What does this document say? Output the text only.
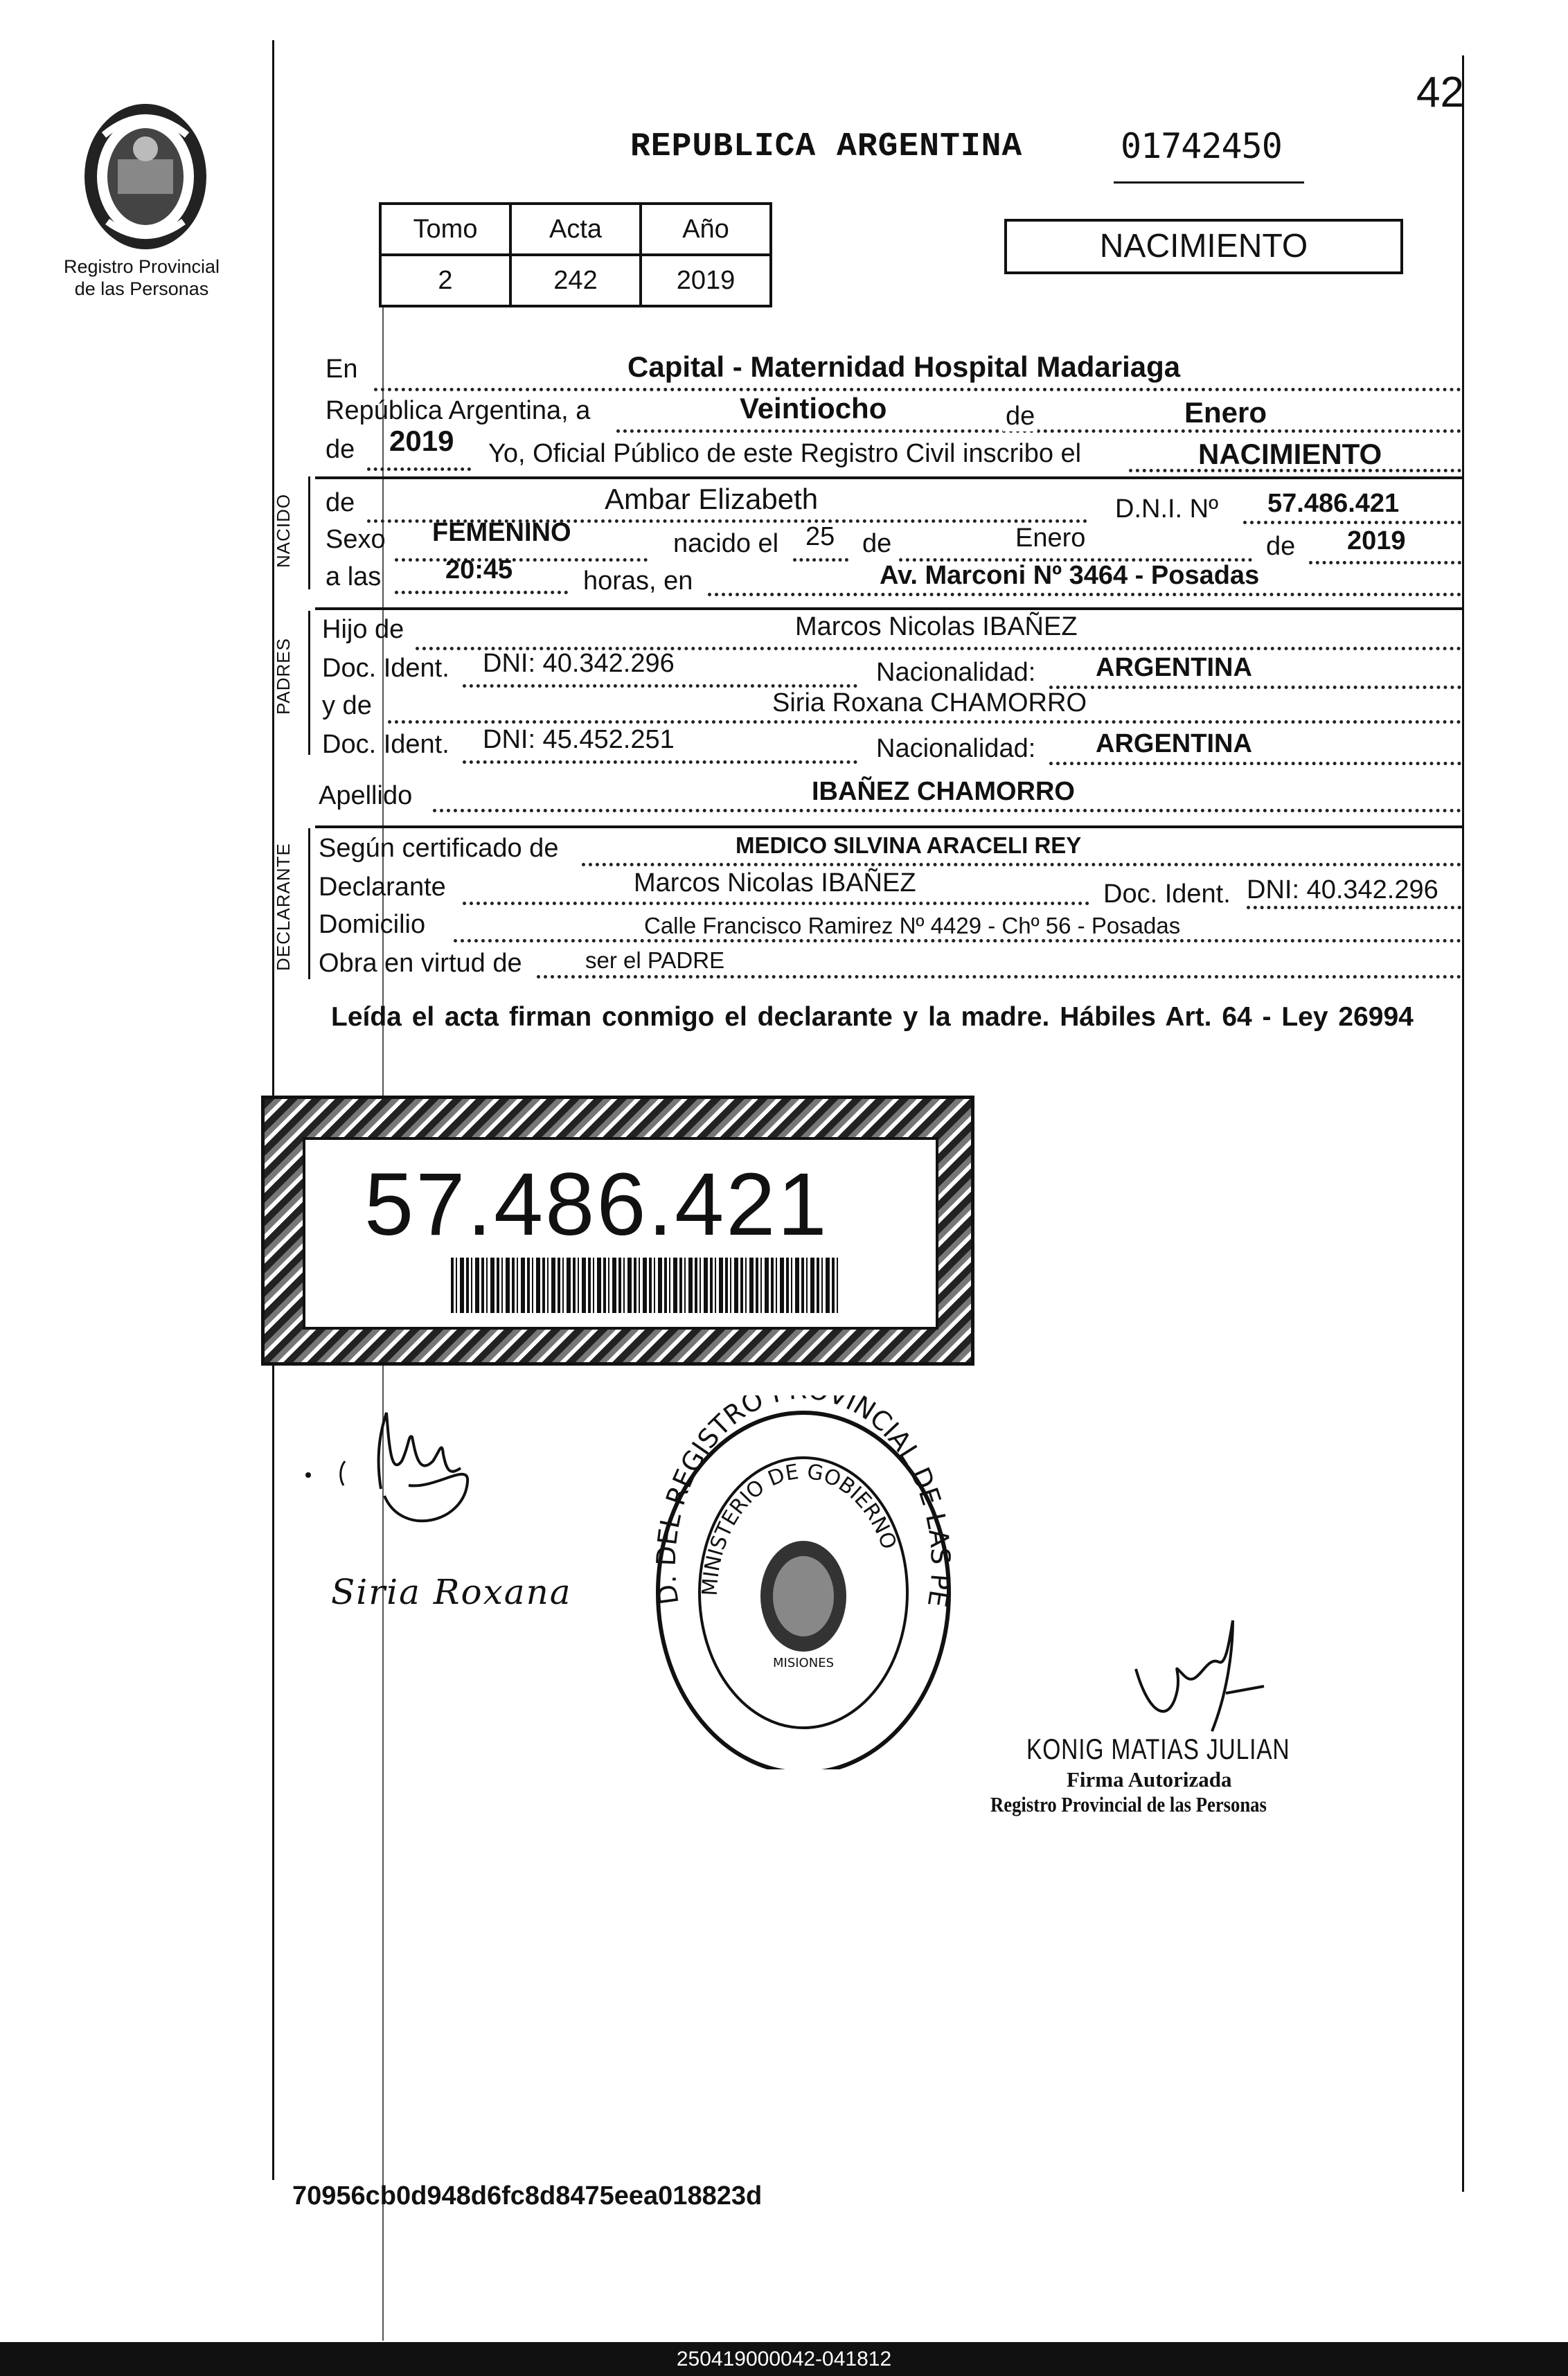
42
Registro Provincial
de las Personas
REPUBLICA ARGENTINA	01742450
Tomo	Acta	Año
2	242	2019
NACIMIENTO
En	Capital - Maternidad Hospital Madariaga
República Argentina, a	Veintiocho	de	Enero
de 2019 Yo, Oficial Público de este Registro Civil inscribo el	NACIMIENTO
NACIDO de	Ambar Elizabeth	D.N.I. Nº 57.486.421
Sexo FEMENINO	nacido el 25 de	Enero	de 2019
a las 20:45	horas, en	Av. Marconi Nº 3464 - Posadas
PADRES
Hijo de	Marcos Nicolas IBAÑEZ
Doc. Ident. DNI: 40.342.296	Nacionalidad: ARGENTINA
y de	Siria Roxana CHAMORRO
Doc. Ident. DNI: 45.452.251	Nacionalidad: ARGENTINA
Apellido	IBAÑEZ CHAMORRO
DECLARANTE Según certificado de	MEDICO SILVINA ARACELI REY
Declarante	Marcos Nicolas IBAÑEZ	Doc. Ident. DNI: 40.342.296
Domicilio	Calle Francisco Ramirez Nº 4429 - Chº 56 - Posadas
Obra en virtud de	ser el PADRE
Leída el acta firman conmigo el declarante y la madre. Hábiles Art. 64 - Ley 26994
57.486.421
Siria Roxana	D. DEL REGISTRO VINCIAL DE LAS PE
MINISTERIO DE GOBIERNO
MISIONES
KONIG MATIAS JULIAN
Firma Autorizada
Registro Provincial de las Personas
70956cb0d948d6fc8d8475eea018823d
250419000042-041812
